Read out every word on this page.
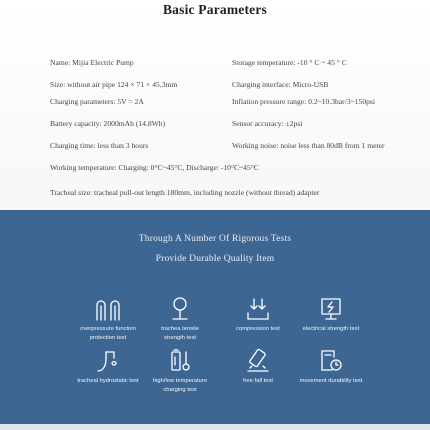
Basic Parameters
Name: Mijia Electric Pump
Size: without air pipe 124 × 71 × 45.3mm
Charging parameters: 5V = 2A
Battery capacity: 2000mAh (14.8Wh)
Charging time: less than 3 hours
Storage temperature: -10 ° C ~ 45 ° C
Charging interface: Micro-USB
Inflation pressure range: 0.2~10.3bar/3~150psi
Sensor accuracy: ±2psi
Working noise: noise less than 80dB from 1 meter
Working temperature: Charging: 0°C~45°C, Discharge: -10°C~45°C
Tracheal size: tracheal pull-out length 180mm, including nozzle (without thread) adapter
Through A Number Of Rigorous Tests
Provide Durable Quality Item
overpressure function
protection test
trachea tensile
strength test
compression test	electrical strength test
tracheal hydrostatic test	high/low temperature
charging test
free fall test	movement durability test
